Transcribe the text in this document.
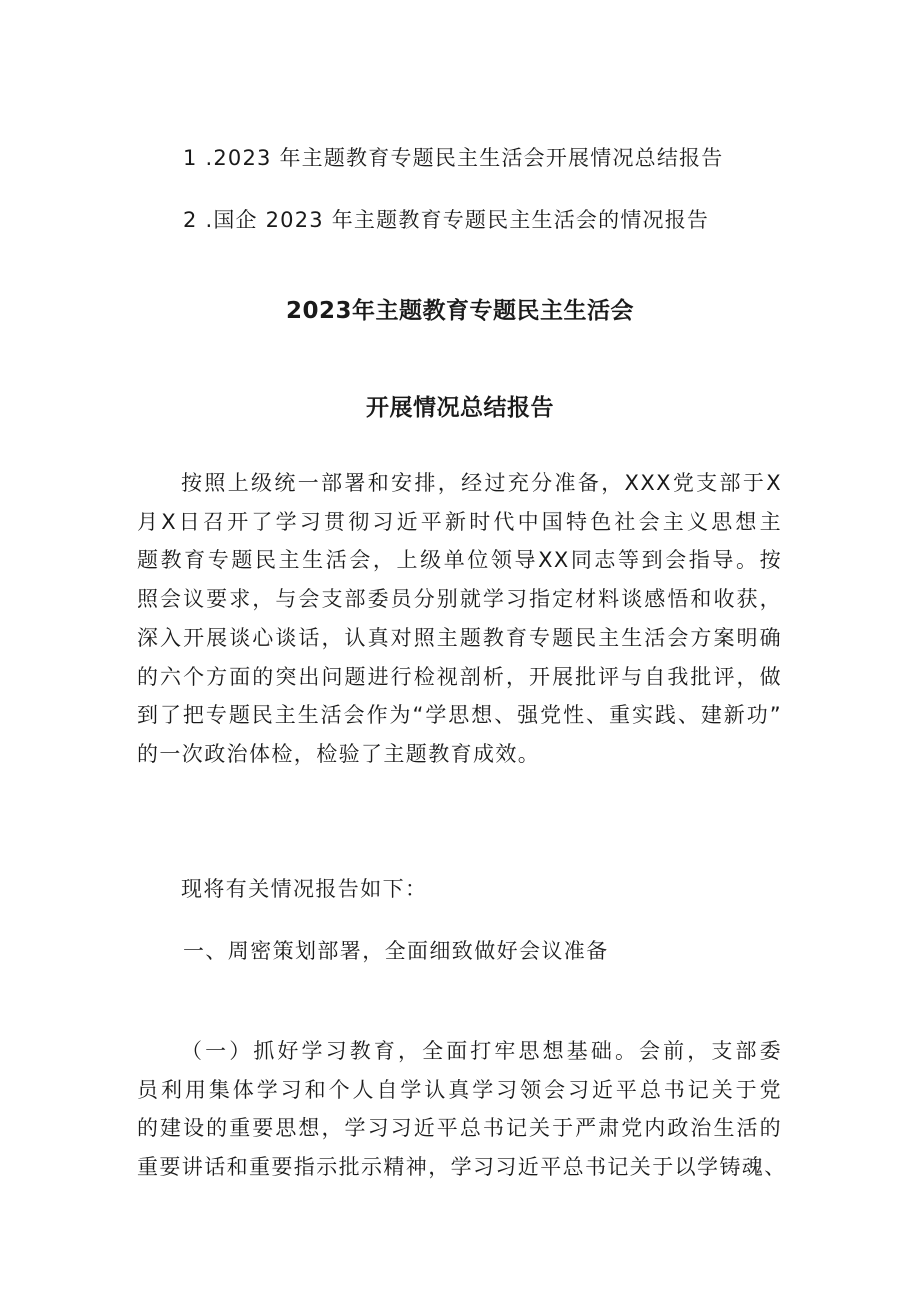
1 .2023 年主题教育专题民主生活会开展情况总结报告
2 .国企 2023 年主题教育专题民主生活会的情况报告
2023年主题教育专题民主生活会
开展情况总结报告
按照上级统一部署和安排，经过充分准备，XXX党支部于X
月X日召开了学习贯彻习近平新时代中国特色社会主义思想主
题教育专题民主生活会，上级单位领导XX同志等到会指导。按
照会议要求，与会支部委员分别就学习指定材料谈感悟和收获，
深入开展谈心谈话，认真对照主题教育专题民主生活会方案明确
的六个方面的突出问题进行检视剖析，开展批评与自我批评，做
到了把专题民主生活会作为“学思想、强党性、重实践、建新功”
的一次政治体检，检验了主题教育成效。
现将有关情况报告如下：
一、周密策划部署，全面细致做好会议准备
（一）抓好学习教育，全面打牢思想基础。会前，支部委
员利用集体学习和个人自学认真学习领会习近平总书记关于党
的建设的重要思想，学习习近平总书记关于严肃党内政治生活的
重要讲话和重要指示批示精神，学习习近平总书记关于以学铸魂、
